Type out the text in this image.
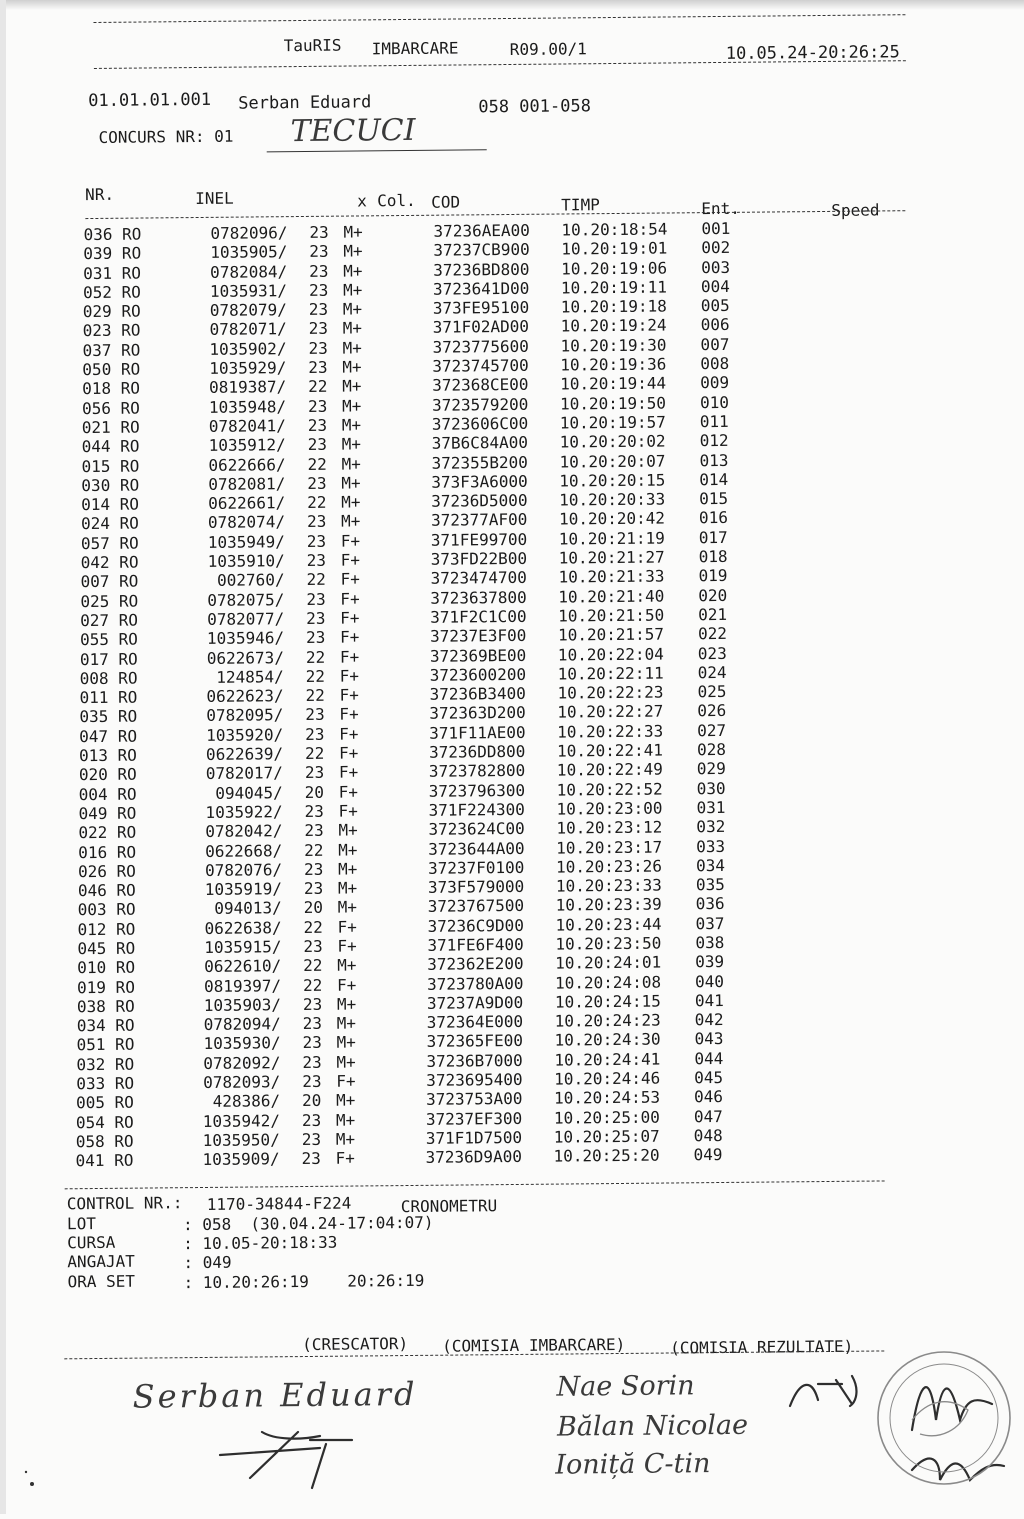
TauRIS IMBARCARE	R09.00/1	10.05.24-20:26:25
01.01.01.001 Serban Eduard	058 001-058
CONCURS NR: 01 TECUCI
NR.	INEL	x Col. COD	TIMP	Ent.	Speed
036 RO	0782096/ 23 M+	37236AEA00 10.20:18:54 001
039 RO	1035905/ 23 M+	37237CB900 10.20:19:01 002
031 RO	0782084/ 23 M+	37236BD800 10.20:19:06 003
052 RO	1035931/ 23 M+	3723641D00 10.20:19:11 004
029 RO	0782079/ 23 M+	373FE95100 10.20:19:18 005
023 RO	0782071/ 23 M+	371F02AD00 10.20:19:24 006
037 RO	1035902/ 23 M+	3723775600 10.20:19:30 007
050 RO	1035929/ 23 M+	3723745700 10.20:19:36 008
018 RO	0819387/ 22 M+	372368CE00 10.20:19:44 009
056 RO	1035948/ 23 M+	3723579200 10.20:19:50 010
021 RO	0782041/ 23 M+	3723606C00 10.20:19:57 011
044 RO	1035912/ 23 M+	37B6C84A00 10.20:20:02 012
015 RO	0622666/ 22 M+	372355B200 10.20:20:07 013
030 RO	0782081/ 23 M+	373F3A6000 10.20:20:15 014
014 RO	0622661/ 22 M+	37236D5000 10.20:20:33 015
024 RO	0782074/ 23 M+	372377AF00 10.20:20:42 016
057 RO	1035949/ 23 F+	371FE99700 10.20:21:19 017
042 RO	1035910/ 23 F+	373FD22B00 10.20:21:27 018
007 RO	002760/ 22 F+	3723474700 10.20:21:33 019
025 RO	0782075/ 23 F+	3723637800 10.20:21:40 020
027 RO	0782077/ 23 F+	371F2C1C00 10.20:21:50 021
055 RO	1035946/ 23 F+	37237E3F00 10.20:21:57 022
017 RO	0622673/ 22 F+	372369BE00 10.20:22:04 023
008 RO	124854/ 22 F+	3723600200 10.20:22:11 024
011 RO	0622623/ 22 F+	37236B3400 10.20:22:23 025
035 RO	0782095/ 23 F+	372363D200 10.20:22:27 026
047 RO	1035920/ 23 F+	371F11AE00 10.20:22:33 027
013 RO	0622639/ 22 F+	37236DD800 10.20:22:41 028
020 RO	0782017/ 23 F+	3723782800 10.20:22:49 029
004 RO	094045/ 20 F+	3723796300 10.20:22:52 030
049 RO	1035922/ 23 F+	371F224300 10.20:23:00 031
022 RO	0782042/ 23 M+	3723624C00 10.20:23:12 032
016 RO	0622668/ 22 M+	3723644A00 10.20:23:17 033
026 RO	0782076/ 23 M+	37237F0100 10.20:23:26 034
046 RO	1035919/ 23 M+	373F579000 10.20:23:33 035
003 RO	094013/ 20 M+	3723767500 10.20:23:39 036
012 RO	0622638/ 22 F+	37236C9D00 10.20:23:44 037
045 RO	1035915/ 23 F+	371FE6F400 10.20:23:50 038
010 RO	0622610/ 22 M+	372362E200 10.20:24:01 039
019 RO	0819397/ 22 F+	3723780A00 10.20:24:08 040
038 RO	1035903/ 23 M+	37237A9D00 10.20:24:15 041
034 RO	0782094/ 23 M+	372364E000 10.20:24:23 042
051 RO	1035930/ 23 M+	372365FE00 10.20:24:30 043
032 RO	0782092/ 23 M+	37236B7000 10.20:24:41 044
033 RO	0782093/ 23 F+	3723695400 10.20:24:46 045
005 RO	428386/ 20 M+	3723753A00 10.20:24:53 046
054 RO	1035942/ 23 M+	37237EF300 10.20:25:00 047
058 RO	1035950/ 23 M+	371F1D7500 10.20:25:07 048
041 RO	1035909/ 23 F+	37236D9A00 10.20:25:20 049
CONTROL NR.: 1170-34844-F224	CRONOMETRU
LOT	: 058  (30.04.24-17:04:07)
CURSA	: 10.05-20:18:33
ANGAJAT	: 049
ORA SET	: 10.20:26:19    20:26:19
(CRESCATOR) (COMISIA IMBARCARE)	(COMISIA REZULTATE)
Serban Eduard	Nae Sorin
Bălan Nicolae
Ioniță C-tin
